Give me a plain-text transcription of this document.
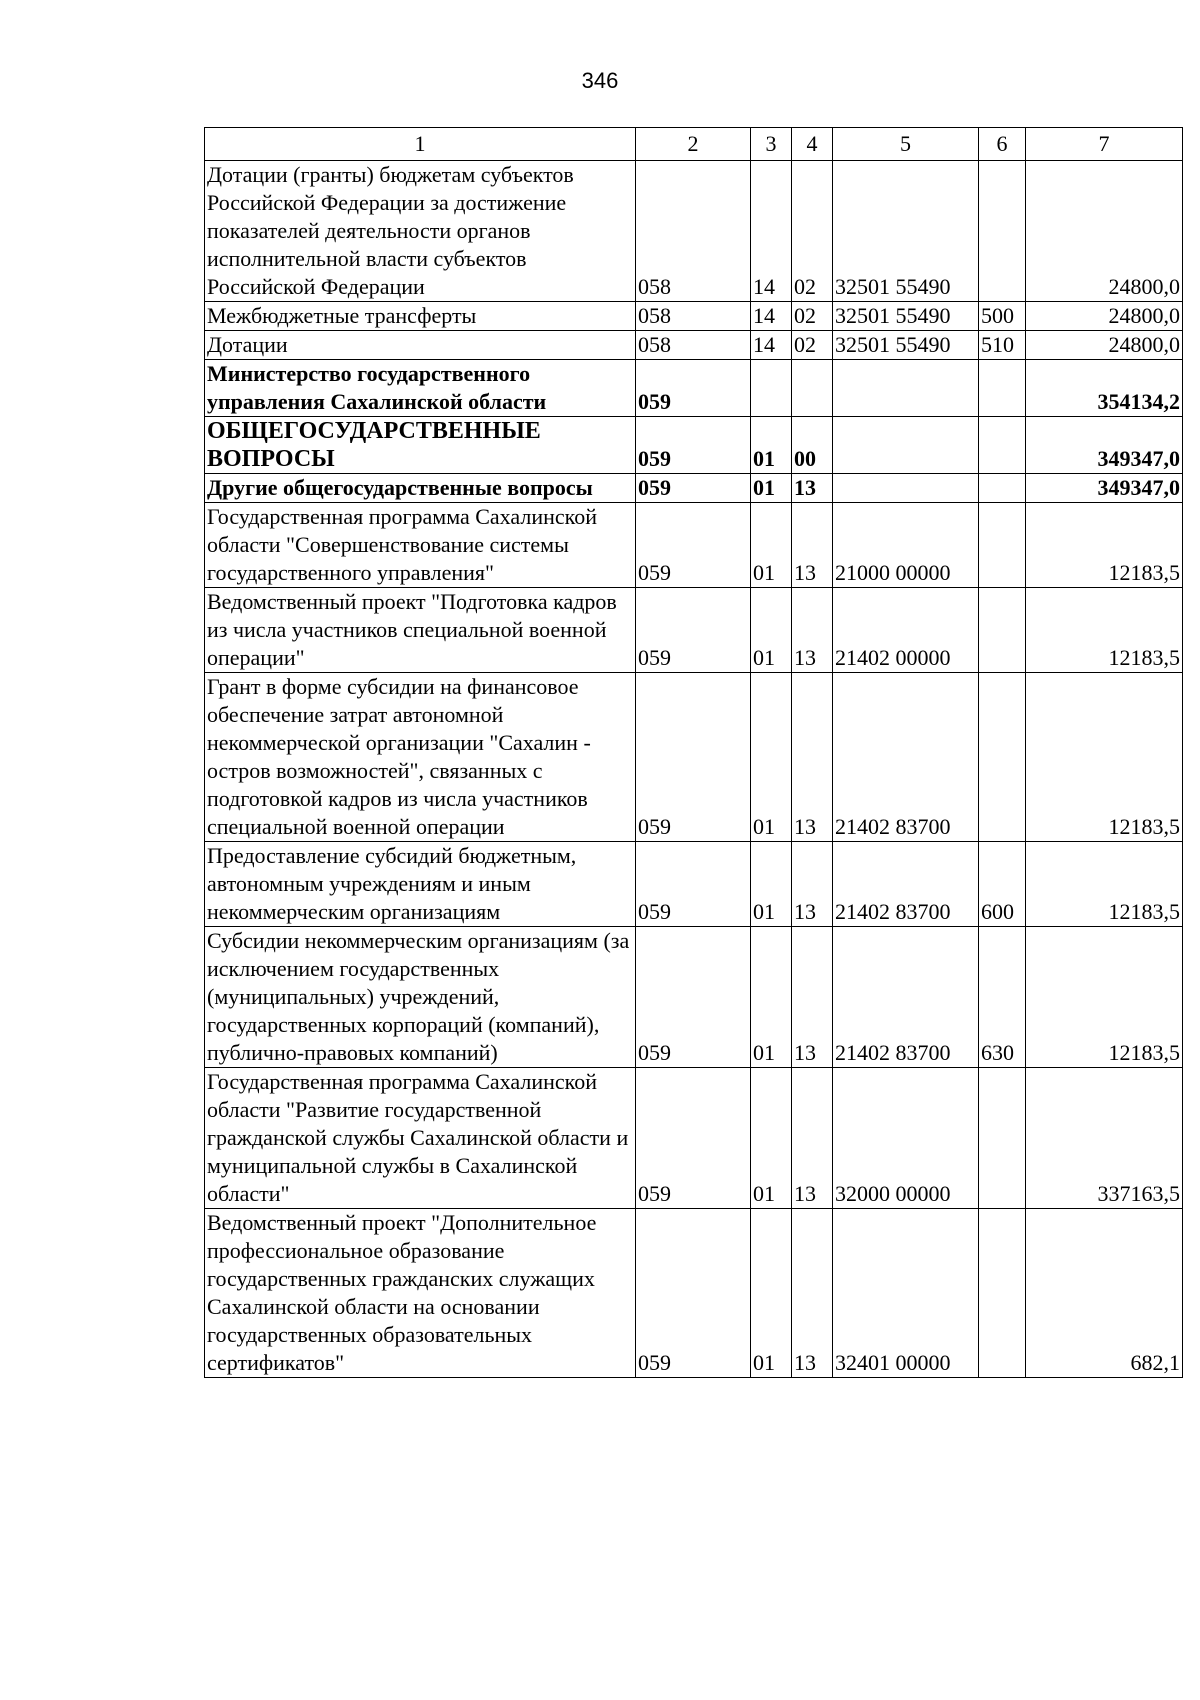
346
1	2	3	4	5	6	7
Дотации (гранты) бюджетам субъектов Российской Федерации за достижение показателей деятельности органов исполнительной власти субъектов Российской Федерации	058	14	02	32501 55490		24800,0
Межбюджетные трансферты	058	14	02	32501 55490	500	24800,0
Дотации	058	14	02	32501 55490	510	24800,0
Министерство государственного управления Сахалинской области	059					354134,2
ОБЩЕГОСУДАРСТВЕННЫЕ ВОПРОСЫ	059	01	00			349347,0
Другие общегосударственные вопросы	059	01	13			349347,0
Государственная программа Сахалинской области "Совершенствование системы государственного управления"	059	01	13	21000 00000		12183,5
Ведомственный проект "Подготовка кадров из числа участников специальной военной операции"	059	01	13	21402 00000		12183,5
Грант в форме субсидии на финансовое обеспечение затрат автономной некоммерческой организации "Сахалин - остров возможностей", связанных с подготовкой кадров из числа участников специальной военной операции	059	01	13	21402 83700		12183,5
Предоставление субсидий бюджетным, автономным учреждениям и иным некоммерческим организациям	059	01	13	21402 83700	600	12183,5
Субсидии некоммерческим организациям (за исключением государственных (муниципальных) учреждений, государственных корпораций (компаний), публично-правовых компаний)	059	01	13	21402 83700	630	12183,5
Государственная программа Сахалинской области "Развитие государственной гражданской службы Сахалинской области и муниципальной службы в Сахалинской области"	059	01	13	32000 00000		337163,5
Ведомственный проект "Дополнительное профессиональное образование государственных гражданских служащих Сахалинской области на основании государственных образовательных сертификатов"	059	01	13	32401 00000		682,1
